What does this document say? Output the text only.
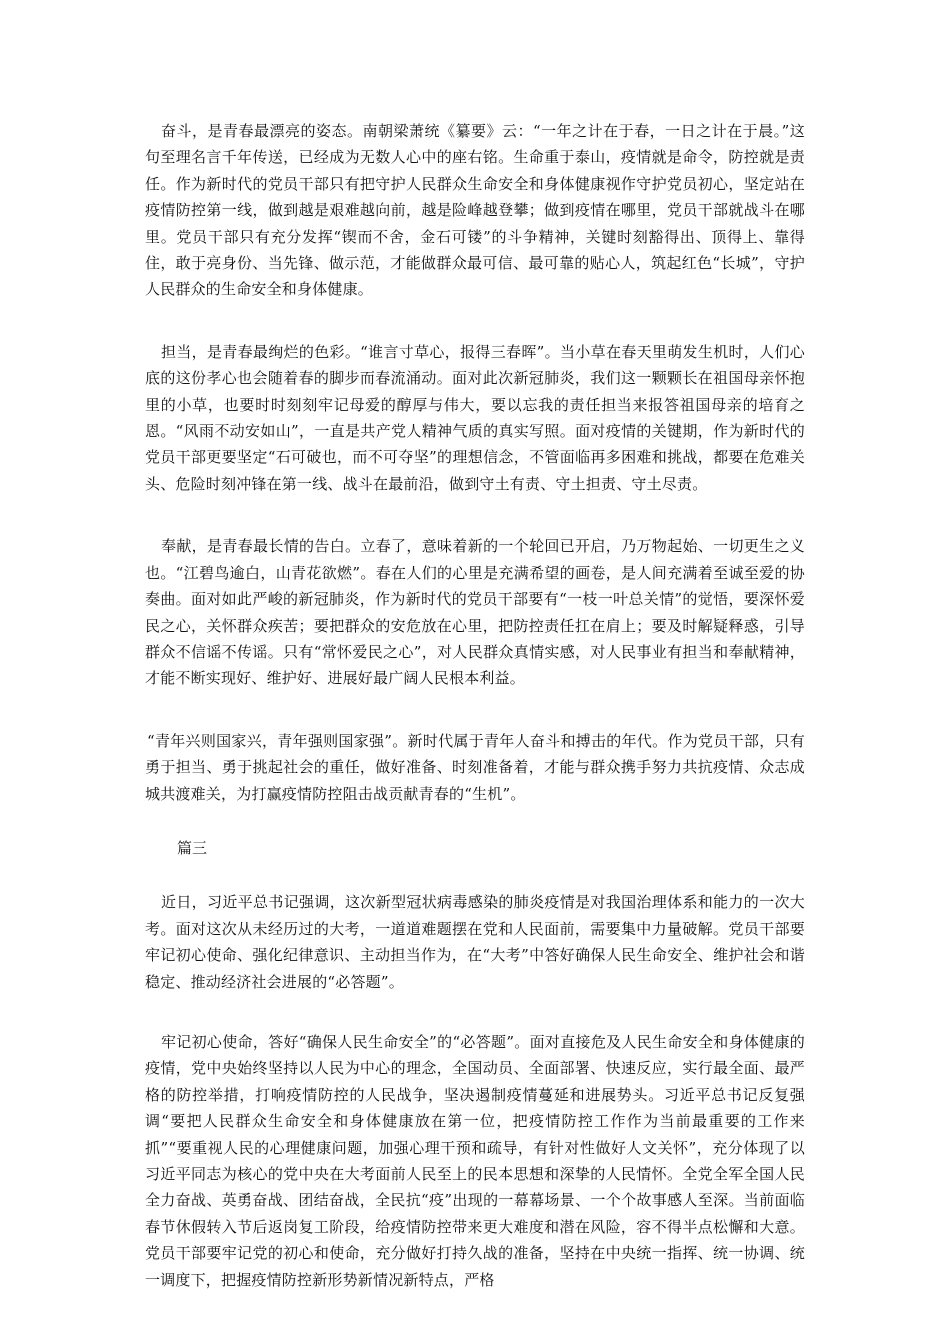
奋斗，是青春最漂亮的姿态。南朝梁萧统《纂要》云：“一年之计在于春，一日之计在于晨。”这句至理名言千年传送，已经成为无数人心中的座右铭。生命重于泰山，疫情就是命令，防控就是责任。作为新时代的党员干部只有把守护人民群众生命安全和身体健康视作守护党员初心，坚定站在疫情防控第一线，做到越是艰难越向前，越是险峰越登攀；做到疫情在哪里，党员干部就战斗在哪里。党员干部只有充分发挥“锲而不舍，金石可镂”的斗争精神，关键时刻豁得出、顶得上、靠得住，敢于亮身份、当先锋、做示范，才能做群众最可信、最可靠的贴心人，筑起红色“长城”，守护人民群众的生命安全和身体健康。

担当，是青春最绚烂的色彩。“谁言寸草心，报得三春晖”。当小草在春天里萌发生机时，人们心底的这份孝心也会随着春的脚步而春流涌动。面对此次新冠肺炎，我们这一颗颗长在祖国母亲怀抱里的小草，也要时时刻刻牢记母爱的醇厚与伟大，要以忘我的责任担当来报答祖国母亲的培育之恩。“风雨不动安如山”，一直是共产党人精神气质的真实写照。面对疫情的关键期，作为新时代的党员干部更要坚定“石可破也，而不可夺坚”的理想信念，不管面临再多困难和挑战，都要在危难关头、危险时刻冲锋在第一线、战斗在最前沿，做到守土有责、守土担责、守土尽责。

奉献，是青春最长情的告白。立春了，意味着新的一个轮回已开启，乃万物起始、一切更生之义也。“江碧鸟逾白，山青花欲燃”。春在人们的心里是充满希望的画卷，是人间充满着至诚至爱的协奏曲。面对如此严峻的新冠肺炎，作为新时代的党员干部要有“一枝一叶总关情”的觉悟，要深怀爱民之心，关怀群众疾苦；要把群众的安危放在心里，把防控责任扛在肩上；要及时解疑释惑，引导群众不信谣不传谣。只有“常怀爱民之心”，对人民群众真情实感，对人民事业有担当和奉献精神，才能不断实现好、维护好、进展好最广阔人民根本利益。

“青年兴则国家兴，青年强则国家强”。新时代属于青年人奋斗和搏击的年代。作为党员干部，只有勇于担当、勇于挑起社会的重任，做好准备、时刻准备着，才能与群众携手努力共抗疫情、众志成城共渡难关，为打赢疫情防控阻击战贡献青春的“生机”。

篇三

近日，习近平总书记强调，这次新型冠状病毒感染的肺炎疫情是对我国治理体系和能力的一次大考。面对这次从未经历过的大考，一道道难题摆在党和人民面前，需要集中力量破解。党员干部要牢记初心使命、强化纪律意识、主动担当作为，在“大考”中答好确保人民生命安全、维护社会和谐稳定、推动经济社会进展的“必答题”。

牢记初心使命，答好“确保人民生命安全”的“必答题”。面对直接危及人民生命安全和身体健康的疫情，党中央始终坚持以人民为中心的理念，全国动员、全面部署、快速反应，实行最全面、最严格的防控举措，打响疫情防控的人民战争，坚决遏制疫情蔓延和进展势头。习近平总书记反复强调“要把人民群众生命安全和身体健康放在第一位，把疫情防控工作作为当前最重要的工作来抓”“要重视人民的心理健康问题，加强心理干预和疏导，有针对性做好人文关怀”，充分体现了以习近平同志为核心的党中央在大考面前人民至上的民本思想和深挚的人民情怀。全党全军全国人民全力奋战、英勇奋战、团结奋战，全民抗“疫”出现的一幕幕场景、一个个故事感人至深。当前面临春节休假转入节后返岗复工阶段，给疫情防控带来更大难度和潜在风险，容不得半点松懈和大意。党员干部要牢记党的初心和使命，充分做好打持久战的准备，坚持在中央统一指挥、统一协调、统一调度下，把握疫情防控新形势新情况新特点，严格
